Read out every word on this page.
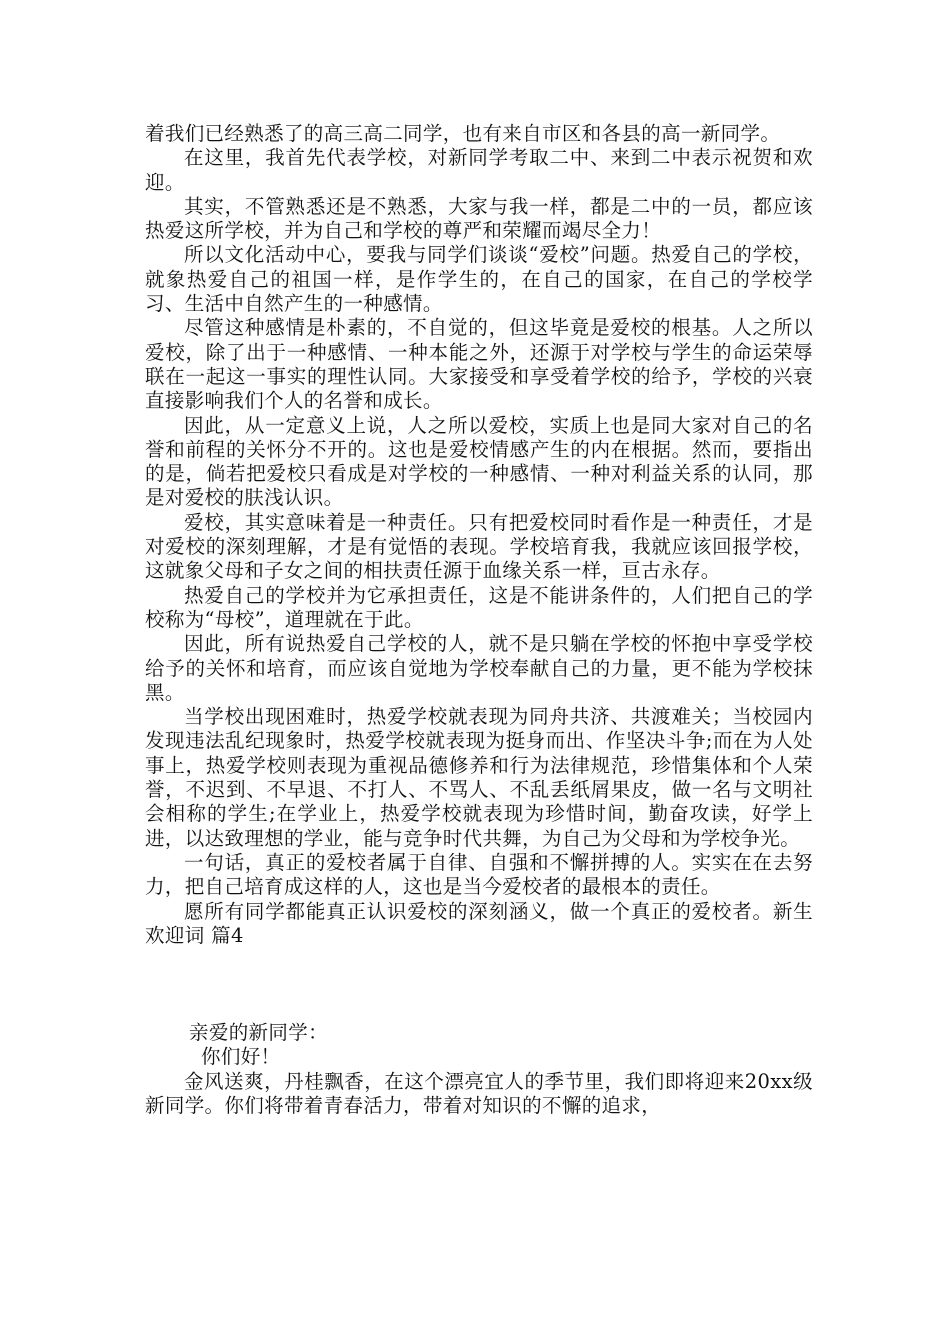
着我们已经熟悉了的高三高二同学，也有来自市区和各县的高一新同学。

在这里，我首先代表学校，对新同学考取二中、来到二中表示祝贺和欢迎。

其实，不管熟悉还是不熟悉，大家与我一样，都是二中的一员，都应该热爱这所学校，并为自己和学校的尊严和荣耀而竭尽全力！

所以文化活动中心，要我与同学们谈谈“爱校”问题。热爱自己的学校，就象热爱自己的祖国一样，是作学生的，在自己的国家，在自己的学校学习、生活中自然产生的一种感情。

尽管这种感情是朴素的，不自觉的，但这毕竟是爱校的根基。人之所以爱校，除了出于一种感情、一种本能之外，还源于对学校与学生的命运荣辱联在一起这一事实的理性认同。大家接受和享受着学校的给予，学校的兴衰直接影响我们个人的名誉和成长。

因此，从一定意义上说，人之所以爱校，实质上也是同大家对自己的名誉和前程的关怀分不开的。这也是爱校情感产生的内在根据。然而，要指出的是，倘若把爱校只看成是对学校的一种感情、一种对利益关系的认同，那是对爱校的肤浅认识。

爱校，其实意味着是一种责任。只有把爱校同时看作是一种责任，才是对爱校的深刻理解，才是有觉悟的表现。学校培育我，我就应该回报学校，这就象父母和子女之间的相扶责任源于血缘关系一样，亘古永存。

热爱自己的学校并为它承担责任，这是不能讲条件的，人们把自己的学校称为“母校”，道理就在于此。

因此，所有说热爱自己学校的人，就不是只躺在学校的怀抱中享受学校给予的关怀和培育，而应该自觉地为学校奉献自己的力量，更不能为学校抹黑。

当学校出现困难时，热爱学校就表现为同舟共济、共渡难关；当校园内发现违法乱纪现象时，热爱学校就表现为挺身而出、作坚决斗争;而在为人处事上，热爱学校则表现为重视品德修养和行为法律规范，珍惜集体和个人荣誉，不迟到、不早退、不打人、不骂人、不乱丢纸屑果皮，做一名与文明社会相称的学生;在学业上，热爱学校就表现为珍惜时间，勤奋攻读，好学上进，以达致理想的学业，能与竞争时代共舞，为自己为父母和为学校争光。

一句话，真正的爱校者属于自律、自强和不懈拼搏的人。实实在在去努力，把自己培育成这样的人，这也是当今爱校者的最根本的责任。

愿所有同学都能真正认识爱校的深刻涵义，做一个真正的爱校者。新生欢迎词 篇4

亲爱的新同学：

你们好！

金风送爽，丹桂飘香，在这个漂亮宜人的季节里，我们即将迎来20xx级新同学。你们将带着青春活力，带着对知识的不懈的追求，
